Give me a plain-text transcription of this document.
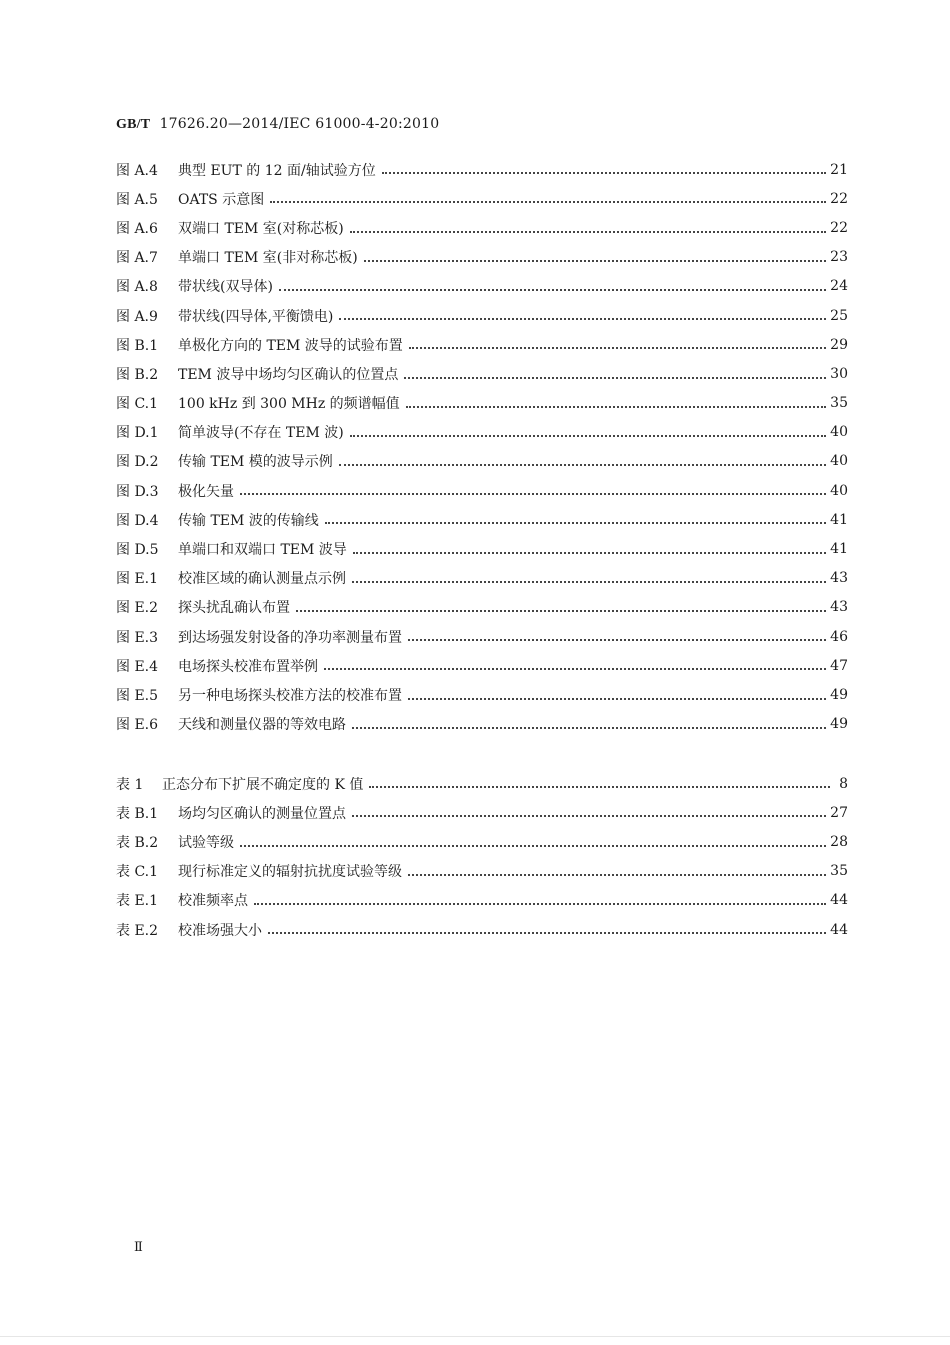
GB/T 17626.20—2014/IEC 61000-4-20:2010
图 A.4	典型 EUT 的 12 面/轴试验方位	21
图 A.5	OATS 示意图	22
图 A.6	双端口 TEM 室(对称芯板)	22
图 A.7	单端口 TEM 室(非对称芯板)	23
图 A.8	带状线(双导体)	24
图 A.9	带状线(四导体,平衡馈电)	25
图 B.1	单极化方向的 TEM 波导的试验布置	29
图 B.2	TEM 波导中场均匀区确认的位置点	30
图 C.1	100 kHz 到 300 MHz 的频谱幅值	35
图 D.1	简单波导(不存在 TEM 波)	40
图 D.2	传输 TEM 模的波导示例	40
图 D.3	极化矢量	40
图 D.4	传输 TEM 波的传输线	41
图 D.5	单端口和双端口 TEM 波导	41
图 E.1	校准区域的确认测量点示例	43
图 E.2	探头扰乱确认布置	43
图 E.3	到达场强发射设备的净功率测量布置	46
图 E.4	电场探头校准布置举例	47
图 E.5	另一种电场探头校准方法的校准布置	49
图 E.6	天线和测量仪器的等效电路	49
表 1	正态分布下扩展不确定度的 K 值	8
表 B.1	场均匀区确认的测量位置点	27
表 B.2	试验等级	28
表 C.1	现行标准定义的辐射抗扰度试验等级	35
表 E.1	校准频率点	44
表 E.2	校准场强大小	44
Ⅱ
